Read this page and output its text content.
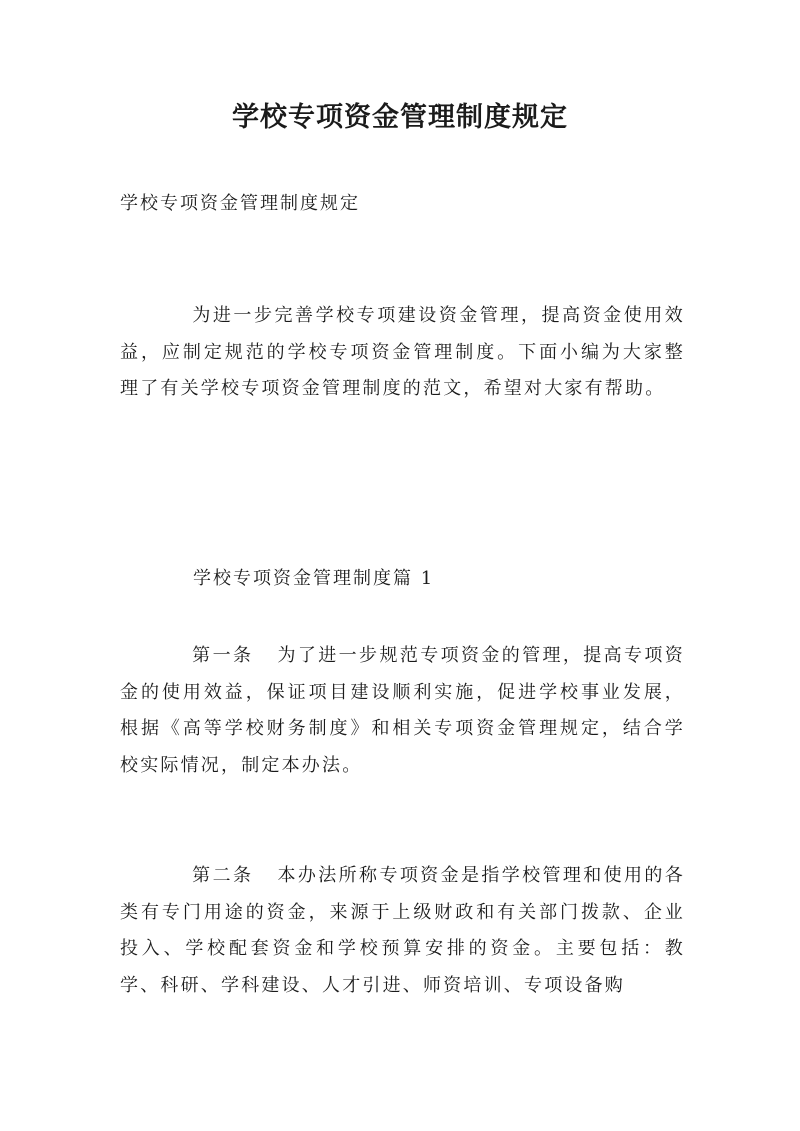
学校专项资金管理制度规定

学校专项资金管理制度规定

为进一步完善学校专项建设资金管理，提高资金使用效益，应制定规范的学校专项资金管理制度。下面小编为大家整理了有关学校专项资金管理制度的范文，希望对大家有帮助。

学校专项资金管理制度篇 1

第一条 为了进一步规范专项资金的管理，提高专项资金的使用效益，保证项目建设顺利实施，促进学校事业发展，根据《高等学校财务制度》和相关专项资金管理规定，结合学校实际情况，制定本办法。

第二条 本办法所称专项资金是指学校管理和使用的各类有专门用途的资金，来源于上级财政和有关部门拨款、企业投入、学校配套资金和学校预算安排的资金。主要包括：教学、科研、学科建设、人才引进、师资培训、专项设备购
